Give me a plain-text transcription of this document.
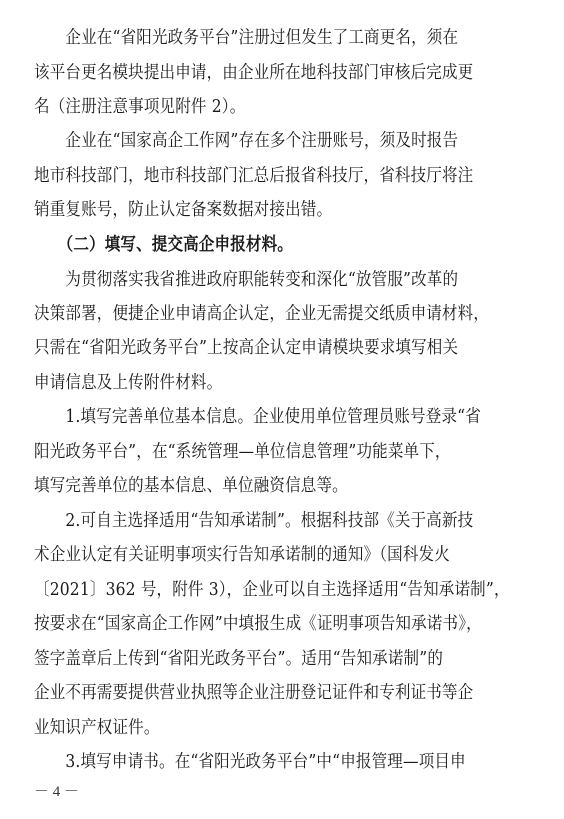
　　企业在“省阳光政务平台”注册过但发生了工商更名，须在
该平台更名模块提出申请，由企业所在地科技部门审核后完成更
名（注册注意事项见附件 2）。
　　企业在“国家高企工作网”存在多个注册账号，须及时报告
地市科技部门，地市科技部门汇总后报省科技厅，省科技厅将注
销重复账号，防止认定备案数据对接出错。
　　（二）填写、提交高企申报材料。
　　为贯彻落实我省推进政府职能转变和深化“放管服”改革的
决策部署，便捷企业申请高企认定，企业无需提交纸质申请材料，
只需在“省阳光政务平台”上按高企认定申请模块要求填写相关
申请信息及上传附件材料。
　　1.填写完善单位基本信息。企业使用单位管理员账号登录“省
阳光政务平台”，在“系统管理—单位信息管理”功能菜单下，
填写完善单位的基本信息、单位融资信息等。
　　2.可自主选择适用“告知承诺制”。根据科技部《关于高新技
术企业认定有关证明事项实行告知承诺制的通知》（国科发火
〔2021〕362 号，附件 3），企业可以自主选择适用“告知承诺制”，
按要求在“国家高企工作网”中填报生成《证明事项告知承诺书》，
签字盖章后上传到“省阳光政务平台”。适用“告知承诺制”的
企业不再需要提供营业执照等企业注册登记证件和专利证书等企
业知识产权证件。
　　3.填写申请书。在“省阳光政务平台”中“申报管理—项目申
－ 4 －
